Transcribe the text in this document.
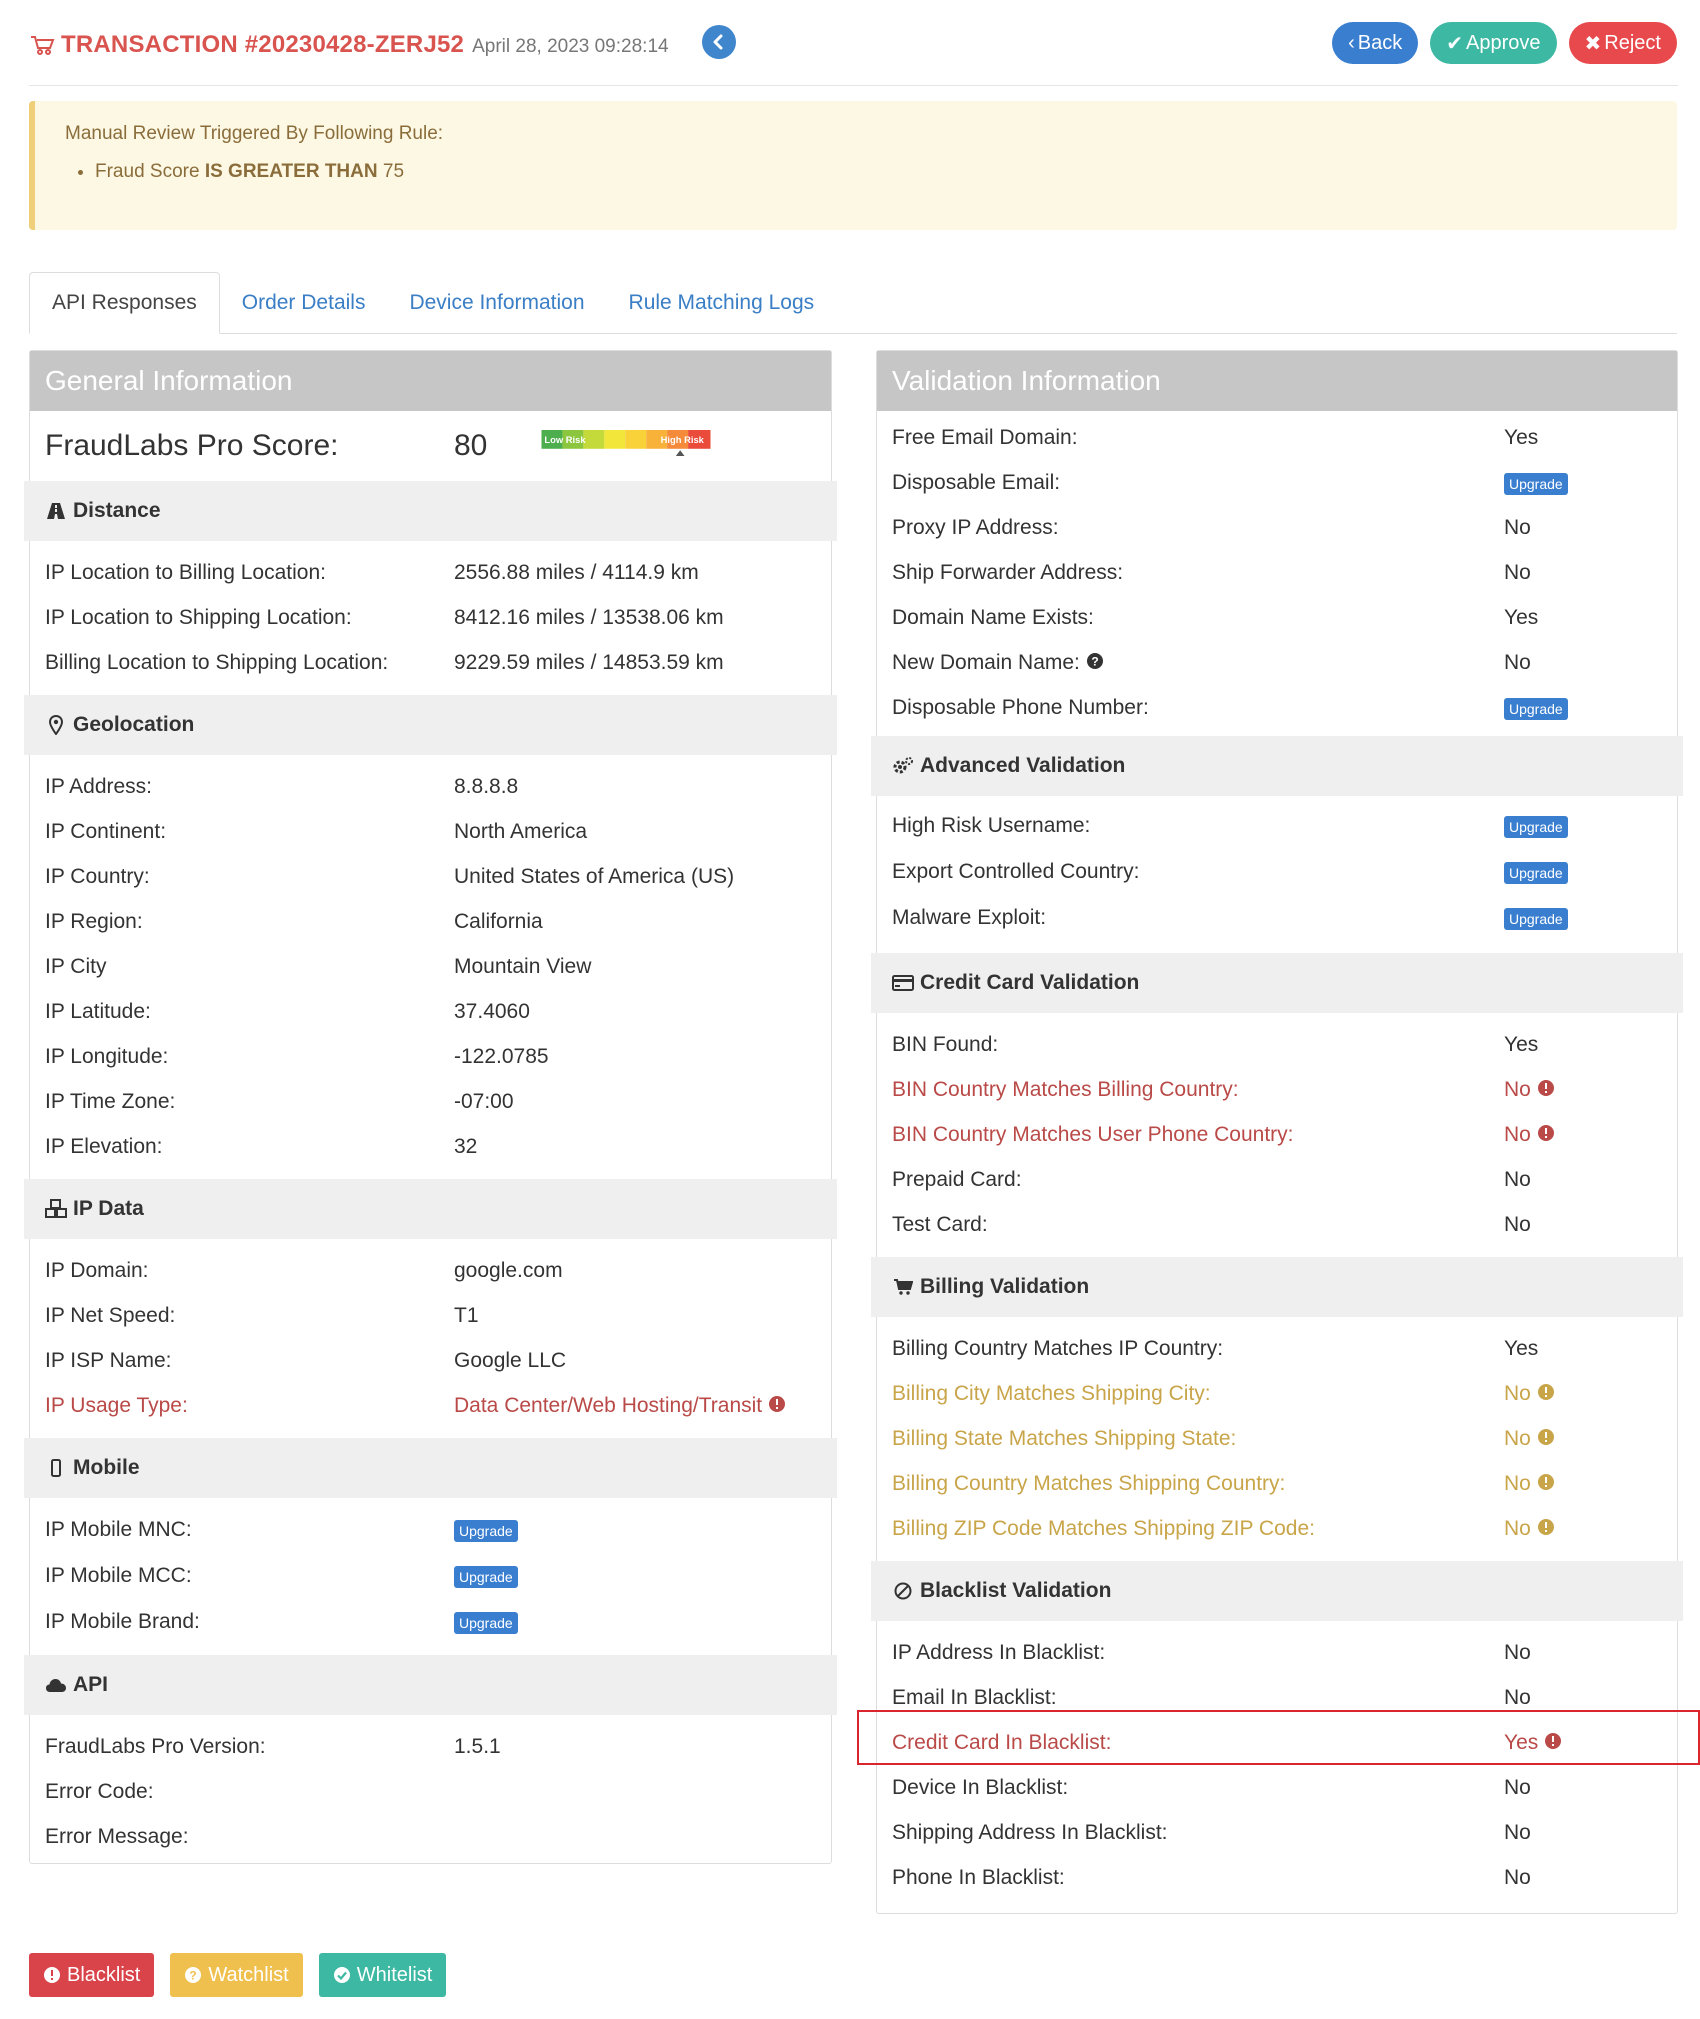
TRANSACTION #20230428-ZERJ52 April 28, 2023 09:28:14	‹ Back ✔ Approve ✖ Reject
Manual Review Triggered By Following Rule:
• Fraud Score IS GREATER THAN 75
API Responses	Order Details	Device Information	Rule Matching Logs
General Information
FraudLabs Pro Score:	80	Low Risk	High Risk
Distance
IP Location to Billing Location:	2556.88 miles / 4114.9 km
IP Location to Shipping Location:	8412.16 miles / 13538.06 km
Billing Location to Shipping Location:	9229.59 miles / 14853.59 km
Geolocation
IP Address:	8.8.8.8
IP Continent:	North America
IP Country:	United States of America (US)
IP Region:	California
IP City	Mountain View
IP Latitude:	37.4060
IP Longitude:	-122.0785
IP Time Zone:	-07:00
IP Elevation:	32
IP Data
IP Domain:	google.com
IP Net Speed:	T1
IP ISP Name:	Google LLC
IP Usage Type:	Data Center/Web Hosting/Transit
Mobile
IP Mobile MNC:	Upgrade
IP Mobile MCC:	Upgrade
IP Mobile Brand:	Upgrade
API
FraudLabs Pro Version:	1.5.1
Error Code:
Error Message:
Validation Information
Free Email Domain:	Yes
Disposable Email:	Upgrade
Proxy IP Address:	No
Ship Forwarder Address:	No
Domain Name Exists:	Yes
New Domain Name: ?	No
Disposable Phone Number:	Upgrade
Advanced Validation
High Risk Username:	Upgrade
Export Controlled Country:	Upgrade
Malware Exploit:	Upgrade
Credit Card Validation
BIN Found:	Yes
BIN Country Matches Billing Country:	No
BIN Country Matches User Phone Country:	No
Prepaid Card:	No
Test Card:	No
Billing Validation
Billing Country Matches IP Country:	Yes
Billing City Matches Shipping City:	No
Billing State Matches Shipping State:	No
Billing Country Matches Shipping Country:	No
Billing ZIP Code Matches Shipping ZIP Code:	No
Blacklist Validation
IP Address In Blacklist:	No
Email In Blacklist:	No
Credit Card In Blacklist:	Yes
Device In Blacklist:	No
Shipping Address In Blacklist:	No
Phone In Blacklist:	No
Blacklist	? Watchlist	Whitelist
